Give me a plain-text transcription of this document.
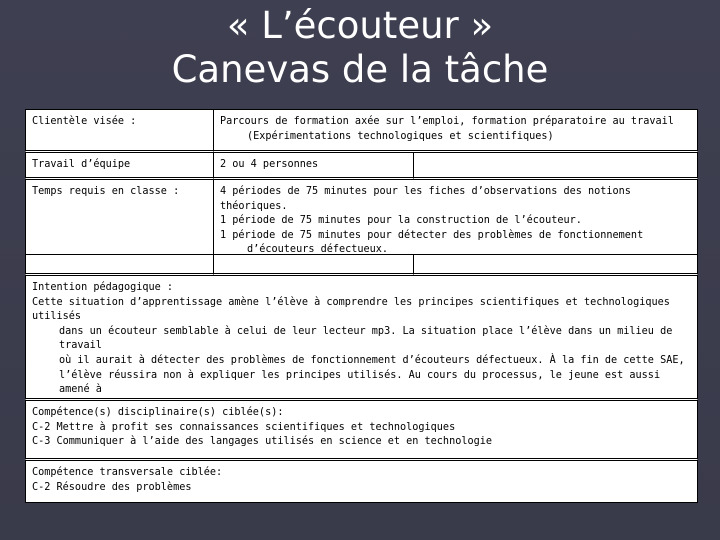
« L’écouteur »
Canevas de la tâche
Clientèle visée :	Parcours de formation axée sur l’emploi, formation préparatoire au travail
(Expérimentations technologiques et scientifiques)
Travail d’équipe	2 ou 4 personnes
Temps requis en classe :	4 périodes de 75 minutes pour les fiches d’observations des notions théoriques.
1 période de 75 minutes pour la construction de l’écouteur.
1 période de 75 minutes pour détecter des problèmes de fonctionnement
d’écouteurs défectueux.
Intention pédagogique :
Cette situation d’apprentissage amène l’élève à comprendre les principes scientifiques et technologiques utilisés
dans un écouteur semblable à celui de leur lecteur mp3. La situation place l’élève dans un milieu de travail
où il aurait à détecter des problèmes de fonctionnement d’écouteurs défectueux. À la fin de cette SAE,
l’élève réussira non à expliquer les principes utilisés. Au cours du processus, le jeune est aussi amené à
Compétence(s) disciplinaire(s) ciblée(s):
C-2 Mettre à profit ses connaissances scientifiques et technologiques
C-3 Communiquer à l’aide des langages utilisés en science et en technologie
Compétence transversale ciblée:
C-2 Résoudre des problèmes
